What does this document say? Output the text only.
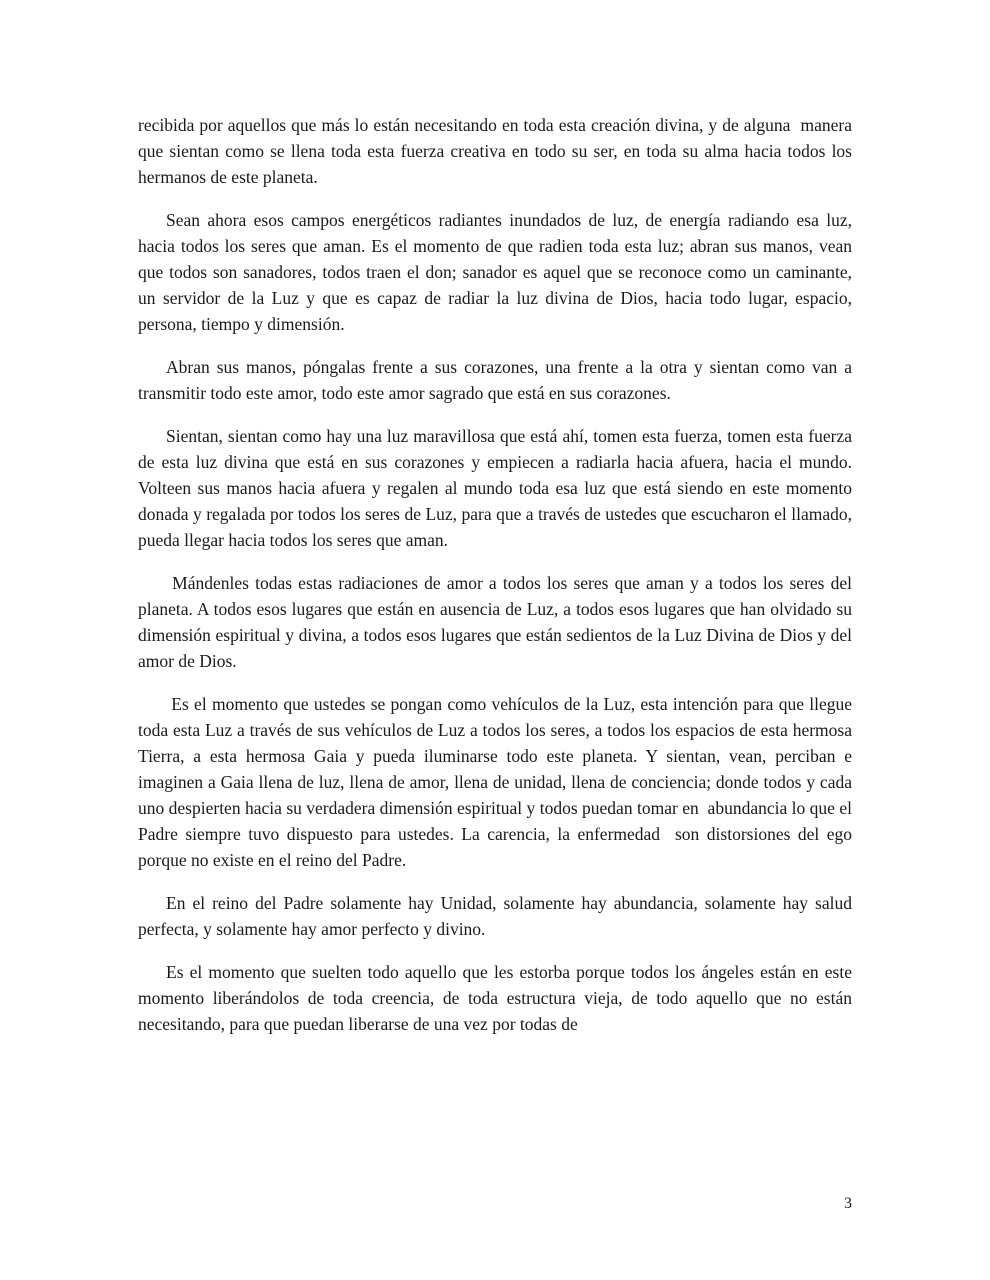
recibida por aquellos que más lo están necesitando en toda esta creación divina, y de alguna  manera que sientan como se llena toda esta fuerza creativa en todo su ser, en toda su alma hacia todos los hermanos de este planeta.

Sean ahora esos campos energéticos radiantes inundados de luz, de energía radiando esa luz, hacia todos los seres que aman. Es el momento de que radien toda esta luz; abran sus manos, vean que todos son sanadores, todos traen el don; sanador es aquel que se reconoce como un caminante,  un servidor de la Luz y que es capaz de radiar la luz divina de Dios, hacia todo lugar, espacio, persona, tiempo y dimensión.

Abran sus manos, póngalas frente a sus corazones, una frente a la otra y sientan como van a transmitir todo este amor, todo este amor sagrado que está en sus corazones.

Sientan, sientan como hay una luz maravillosa que está ahí, tomen esta fuerza, tomen esta fuerza de esta luz divina que está en sus corazones y empiecen a radiarla hacia afuera, hacia el mundo. Volteen sus manos hacia afuera y regalen al mundo toda esa luz que está siendo en este momento donada y regalada por todos los seres de Luz, para que a través de ustedes que escucharon el llamado, pueda llegar hacia todos los seres que aman.

Mándenles todas estas radiaciones de amor a todos los seres que aman y a todos los seres del planeta. A todos esos lugares que están en ausencia de Luz, a todos esos lugares que han olvidado su dimensión espiritual y divina, a todos esos lugares que están sedientos de la Luz Divina de Dios y del amor de Dios.

Es el momento que ustedes se pongan como vehículos de la Luz, esta intención para que llegue toda esta Luz a través de sus vehículos de Luz a todos los seres, a todos los espacios de esta hermosa Tierra, a esta hermosa Gaia y pueda iluminarse todo este planeta. Y sientan, vean, perciban e imaginen a Gaia llena de luz, llena de amor, llena de unidad, llena de conciencia; donde todos y cada uno despierten hacia su verdadera dimensión espiritual y todos puedan tomar en  abundancia lo que el Padre siempre tuvo dispuesto para ustedes. La carencia, la enfermedad  son distorsiones del ego porque no existe en el reino del Padre.

En el reino del Padre solamente hay Unidad, solamente hay abundancia, solamente hay salud perfecta, y solamente hay amor perfecto y divino.

Es el momento que suelten todo aquello que les estorba porque todos los ángeles están en este momento liberándolos de toda creencia, de toda estructura vieja, de todo aquello que no están necesitando, para que puedan liberarse de una vez por todas de

3
